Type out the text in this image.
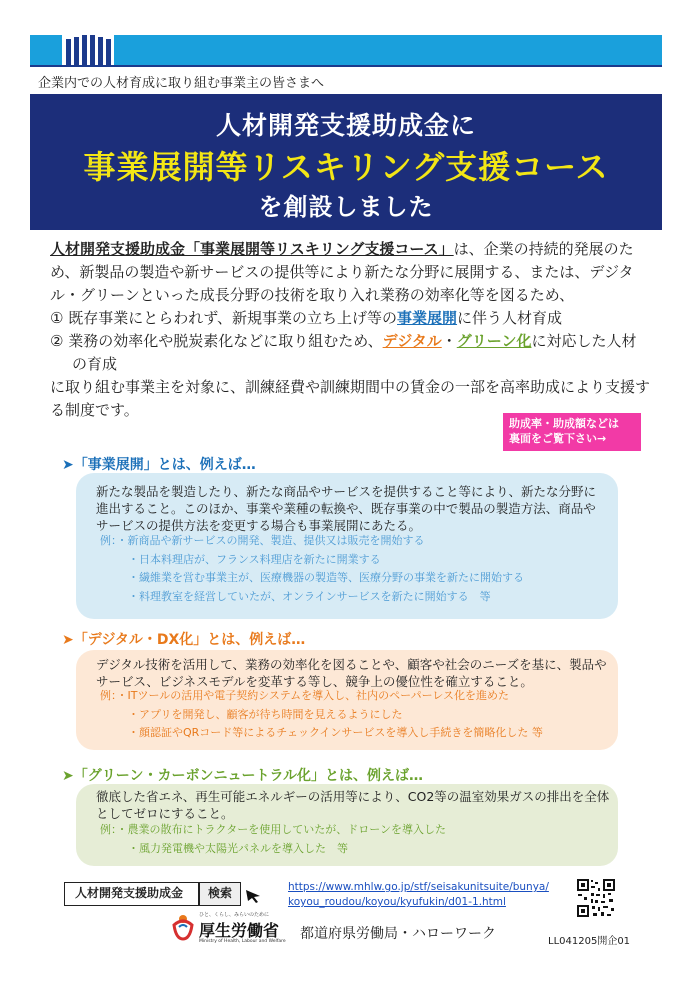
企業内での人材育成に取り組む事業主の皆さまへ
人材開発支援助成金に
事業展開等リスキリング支援コース
を創設しました
人材開発支援助成金「事業展開等リスキリング支援コース」は、企業の持続的発展のため、新製品の製造や新サービスの提供等により新たな分野に展開する、または、デジタル・グリーンといった成長分野の技術を取り入れ業務の効率化等を図るため、
① 既存事業にとらわれず、新規事業の立ち上げ等の事業展開に伴う人材育成
② 業務の効率化や脱炭素化などに取り組むため、デジタル・グリーン化に対応した人材の育成
に取り組む事業主を対象に、訓練経費や訓練期間中の賃金の一部を高率助成により支援する制度です。
助成率・助成額などは
裏面をご覧下さい→
➤「事業展開」とは、例えば…
新たな製品を製造したり、新たな商品やサービスを提供すること等により、新たな分野に進出すること。このほか、事業や業種の転換や、既存事業の中で製品の製造方法、商品やサービスの提供方法を変更する場合も事業展開にあたる。
例：・新商品や新サービスの開発、製造、提供又は販売を開始する
・日本料理店が、フランス料理店を新たに開業する
・繊維業を営む事業主が、医療機器の製造等、医療分野の事業を新たに開始する
・料理教室を経営していたが、オンラインサービスを新たに開始する　等
➤「デジタル・DX化」とは、例えば…
デジタル技術を活用して、業務の効率化を図ることや、顧客や社会のニーズを基に、製品やサービス、ビジネスモデルを変革する等し、競争上の優位性を確立すること。
例：・ITツールの活用や電子契約システムを導入し、社内のペーパーレス化を進めた
・アプリを開発し、顧客が待ち時間を見えるようにした
・顔認証やQRコード等によるチェックインサービスを導入し手続きを簡略化した 等
➤「グリーン・カーボンニュートラル化」とは、例えば…
徹底した省エネ、再生可能エネルギーの活用等により、CO2等の温室効果ガスの排出を全体としてゼロにすること。
例：・農業の散布にトラクターを使用していたが、ドローンを導入した
・風力発電機や太陽光パネルを導入した　等
人材開発支援助成金	検索	https://www.mhlw.go.jp/stf/seisakunitsuite/bunya/
koyou_roudou/koyou/kyufukin/d01-1.html
ひと、くらし、みらいのために
厚生労働省
Ministry of Health, Labour and Welfare 都道府県労働局・ハローワーク	LL041205開企01
